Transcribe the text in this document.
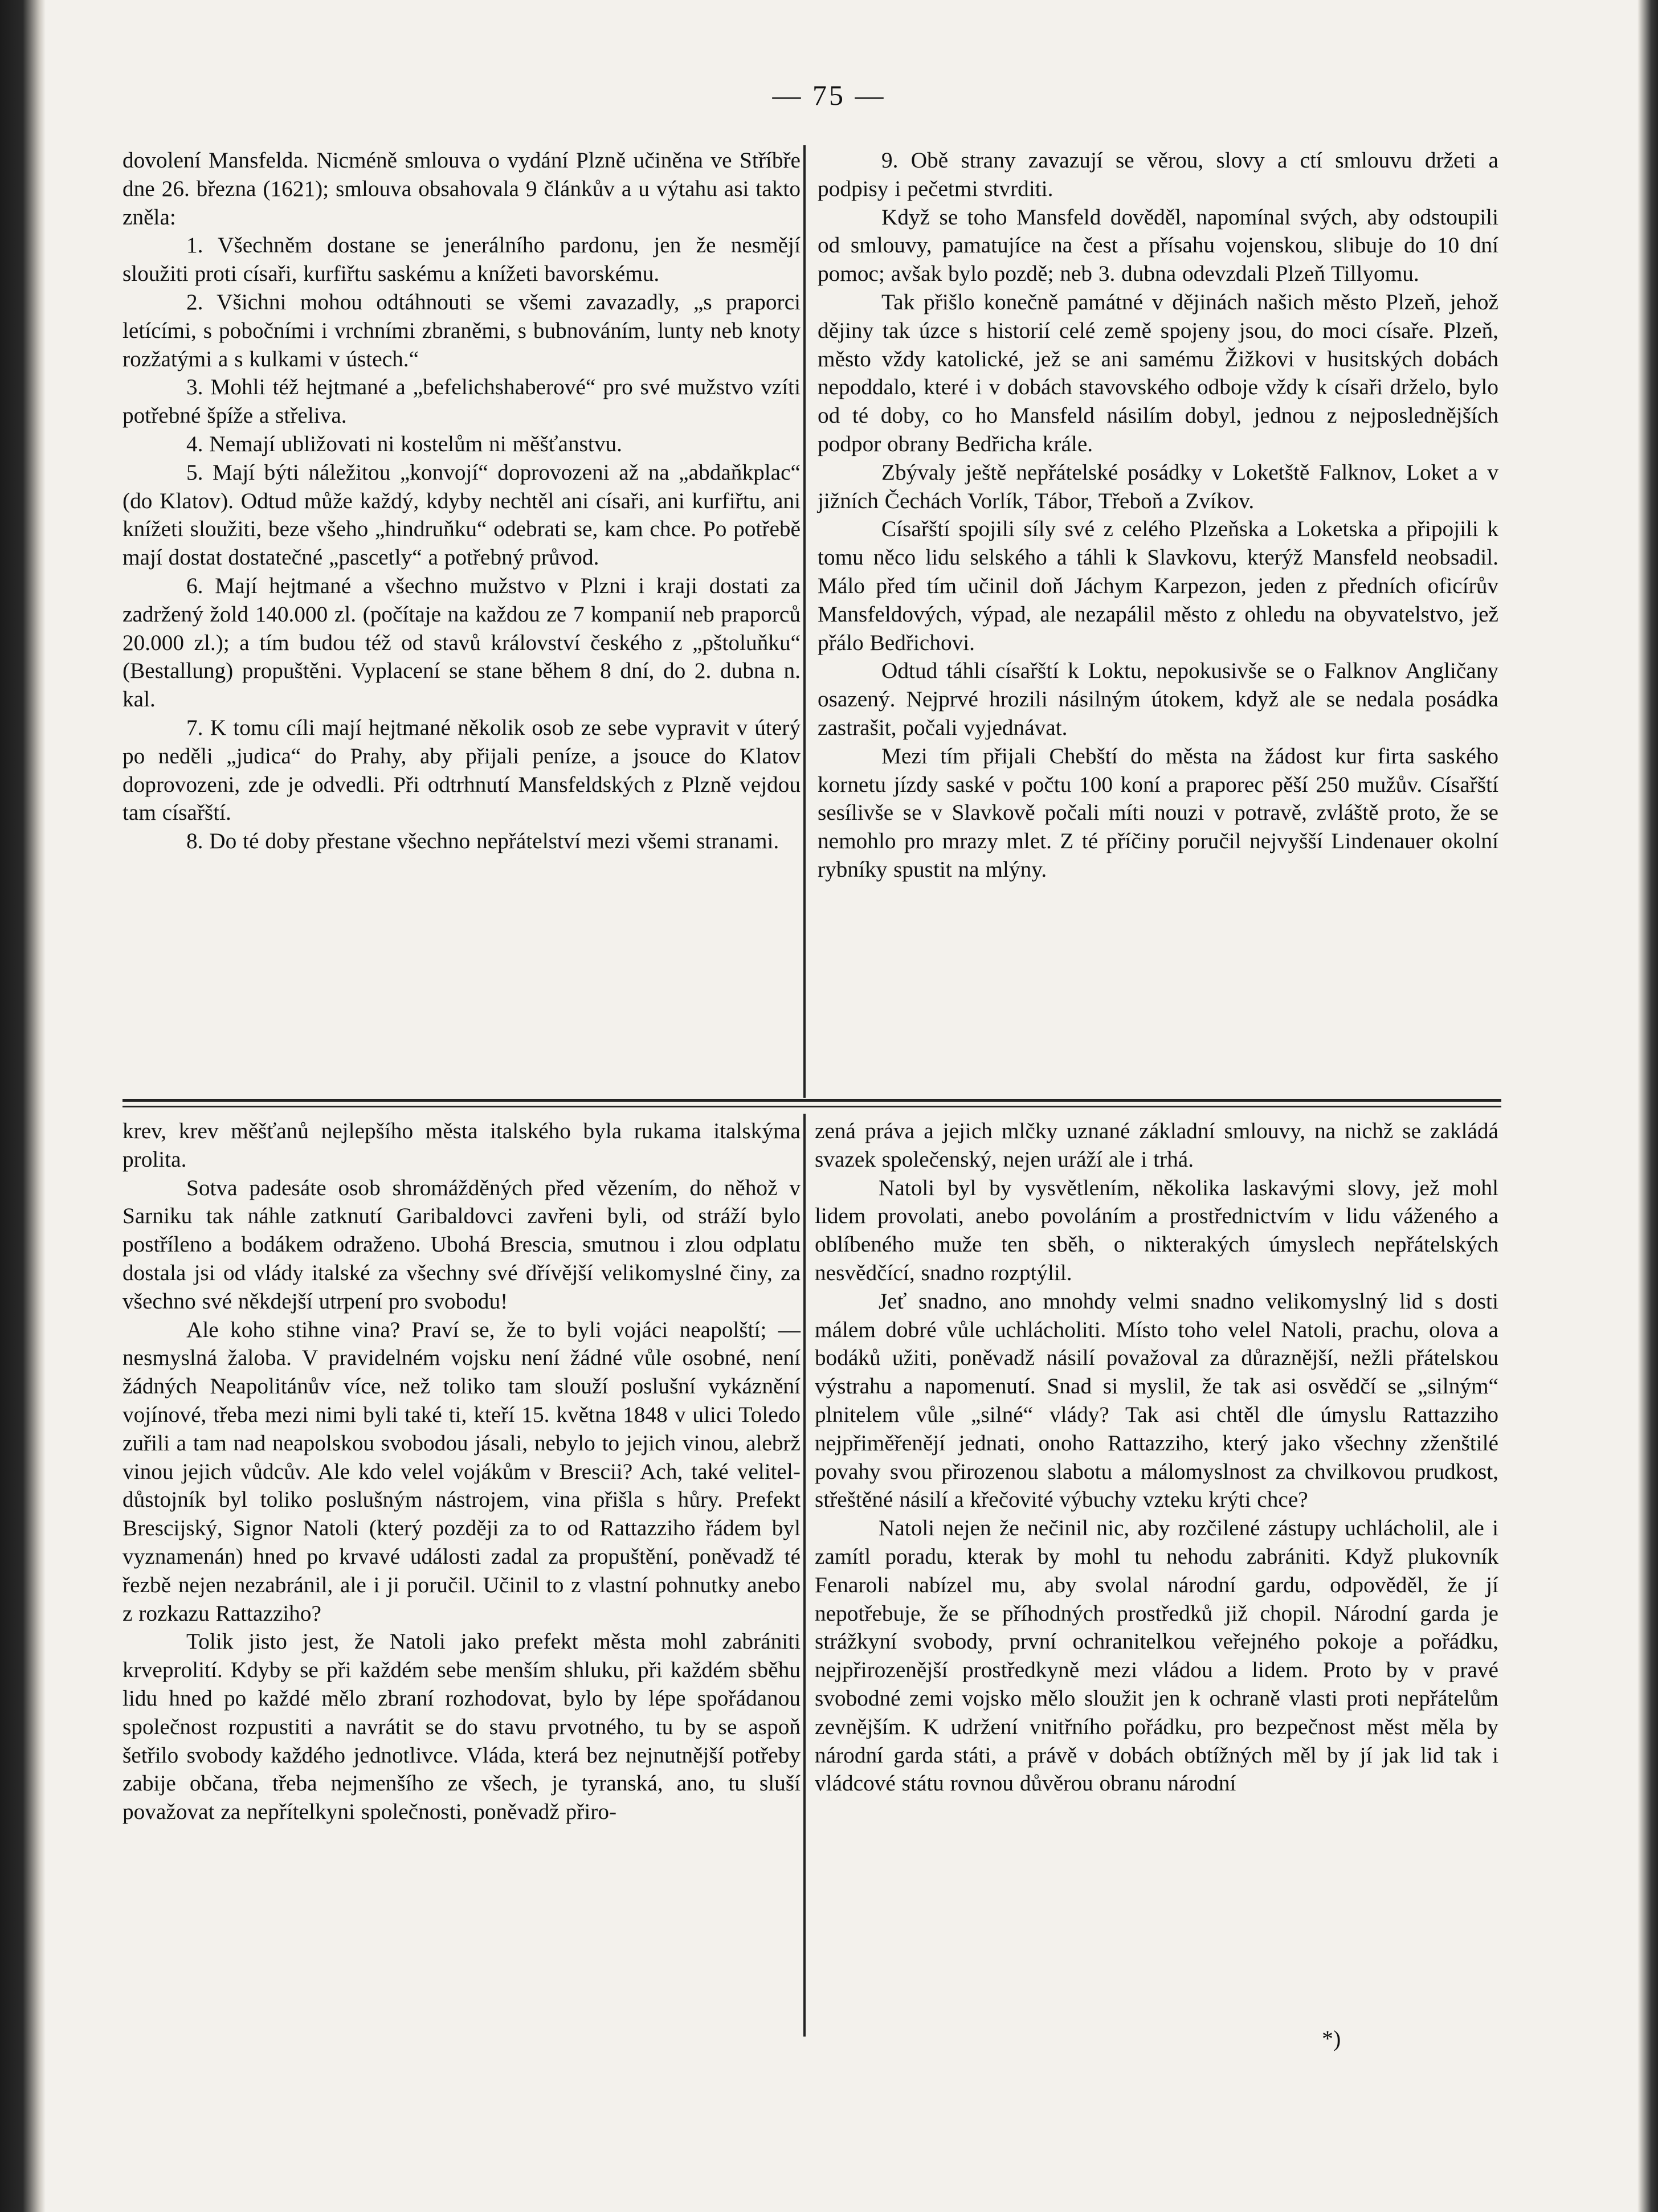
— 75 —

dovolení Mansfelda. Nicméně smlouva o vydání Plzně učiněna ve Stříbře dne 26. března (1621); smlouva obsahovala 9 článkův a u výtahu asi takto zněla:

1. Všechněm dostane se jenerálního pardonu, jen že nesmějí sloužiti proti císaři, kurfiřtu saskému a knížeti bavorskému.

2. Všichni mohou odtáhnouti se všemi zavazadly, „s praporci letícími, s pobočními i vrchními zbraněmi, s bubnováním, lunty neb knoty rozžatými a s kulkami v ústech.“

3. Mohli též hejtmané a „befelichshaberové“ pro své mužstvo vzíti potřebné špíže a střeliva.

4. Nemají ubližovati ni kostelům ni měšťanstvu.

5. Mají býti náležitou „konvojí“ doprovozeni až na „abdaňkplac“ (do Klatov). Odtud může každý, kdyby nechtěl ani císaři, ani kurfiřtu, ani knížeti sloužiti, beze všeho „hindruňku“ odebrati se, kam chce. Po potřebě mají dostat dostatečné „pascetly“ a potřebný průvod.

6. Mají hejtmané a všechno mužstvo v Plzni i kraji dostati za zadržený žold 140.000 zl. (počítaje na každou ze 7 kompanií neb praporců 20.000 zl.); a tím budou též od stavů království českého z „pštoluňku“ (Bestallung) propuštěni. Vyplacení se stane během 8 dní, do 2. dubna n. kal.

7. K tomu cíli mají hejtmané několik osob ze sebe vypravit v úterý po neděli „judica“ do Prahy, aby přijali peníze, a jsouce do Klatov doprovozeni, zde je odvedli. Při odtrhnutí Mansfeldských z Plzně vejdou tam císařští.

8. Do té doby přestane všechno nepřátelství mezi všemi stranami.

9. Obě strany zavazují se věrou, slovy a ctí smlouvu držeti a podpisy i pečetmi stvrditi.

Když se toho Mansfeld dověděl, napomínal svých, aby odstoupili od smlouvy, pamatujíce na čest a přísahu vojenskou, slibuje do 10 dní pomoc; avšak bylo pozdě; neb 3. dubna odevzdali Plzeň Tillyomu.

Tak přišlo konečně památné v dějinách našich město Plzeň, jehož dějiny tak úzce s historií celé země spojeny jsou, do moci císaře. Plzeň, město vždy katolické, jež se ani samému Žižkovi v husitských dobách nepoddalo, které i v dobách stavovského odboje vždy k císaři drželo, bylo od té doby, co ho Mansfeld násilím dobyl, jednou z nejposlednějších podpor obrany Bedřicha krále.

Zbývaly ještě nepřátelské posádky v Loketště Falknov, Loket a v jižních Čechách Vorlík, Tábor, Třeboň a Zvíkov.

Císařští spojili síly své z celého Plzeňska a Loketska a připojili k tomu něco lidu selského a táhli k Slavkovu, kterýž Mansfeld neobsadil. Málo před tím učinil doň Jáchym Karpezon, jeden z předních oficírův Mansfeldových, výpad, ale nezapálil město z ohledu na obyvatelstvo, jež přálo Bedřichovi.

Odtud táhli císařští k Loktu, nepokusivše se o Falknov Angličany osazený. Nejprvé hrozili násilným útokem, když ale se nedala posádka zastrašit, počali vyjednávat.

Mezi tím přijali Chebští do města na žádost kur firta saského kornetu jízdy saské v počtu 100 koní a praporec pěší 250 mužův. Císařští sesílivše se v Slavkově počali míti nouzi v potravě, zvláště proto, že se nemohlo pro mrazy mlet. Z té příčiny poručil nejvyšší Lindenauer okolní rybníky spustit na mlýny.

krev, krev měšťanů nejlepšího města italského byla rukama italskýma prolita.

Sotva padesáte osob shromážděných před vězením, do něhož v Sarniku tak náhle zatknutí Garibaldovci zavřeni byli, od stráží bylo postříleno a bodákem odraženo. Ubohá Brescia, smutnou i zlou odplatu dostala jsi od vlády italské za všechny své dřívější velikomyslné činy, za všechno své někdejší utrpení pro svobodu!

Ale koho stihne vina? Praví se, že to byli vojáci neapolští; — nesmyslná žaloba. V pravidelném vojsku není žádné vůle osobné, není žádných Neapolitánův více, než toliko tam slouží poslušní vykáznění vojínové, třeba mezi nimi byli také ti, kteří 15. května 1848 v ulici Toledo zuřili a tam nad neapolskou svobodou jásali, nebylo to jejich vinou, alebrž vinou jejich vůdcův. Ale kdo velel vojákům v Brescii? Ach, také velitel-důstojník byl toliko poslušným nástrojem, vina přišla s hůry. Prefekt Brescijský, Signor Natoli (který později za to od Rattazziho řádem byl vyznamenán) hned po krvavé události zadal za propuštění, poněvadž té řezbě nejen nezabránil, ale i ji poručil. Učinil to z vlastní pohnutky anebo z rozkazu Rattazziho?

Tolik jisto jest, že Natoli jako prefekt města mohl zabrániti krveprolití. Kdyby se při každém sebe menším shluku, při každém sběhu lidu hned po každé mělo zbraní rozhodovat, bylo by lépe spořádanou společnost rozpustiti a navrátit se do stavu prvotného, tu by se aspoň šetřilo svobody každého jednotlivce. Vláda, která bez nejnutnější potřeby zabije občana, třeba nejmenšího ze všech, je tyranská, ano, tu sluší považovat za nepřítelkyni společnosti, poněvadž přiro-

zená práva a jejich mlčky uznané základní smlouvy, na nichž se zakládá svazek společenský, nejen uráží ale i trhá.

Natoli byl by vysvětlením, několika laskavými slovy, jež mohl lidem provolati, anebo povoláním a prostřednictvím v lidu váženého a oblíbeného muže ten sběh, o nikterakých úmyslech nepřátelských nesvědčící, snadno rozptýlil.

Jeť snadno, ano mnohdy velmi snadno velikomyslný lid s dosti málem dobré vůle uchlácholiti. Místo toho velel Natoli, prachu, olova a bodáků užiti, poněvadž násilí považoval za důraznější, nežli přátelskou výstrahu a napomenutí. Snad si myslil, že tak asi osvědčí se „silným“ plnitelem vůle „silné“ vlády? Tak asi chtěl dle úmyslu Rattazziho nejpřiměřenějí jednati, onoho Rattazziho, který jako všechny zženštilé povahy svou přirozenou slabotu a málomyslnost za chvilkovou prudkost, střeštěné násilí a křečovité výbuchy vzteku krýti chce?

Natoli nejen že nečinil nic, aby rozčilené zástupy uchlácholil, ale i zamítl poradu, kterak by mohl tu nehodu zabrániti. Když plukovník Fenaroli nabízel mu, aby svolal národní gardu, odpověděl, že jí nepotřebuje, že se příhodných prostředků již chopil. Národní garda je strážkyní svobody, první ochranitelkou veřejného pokoje a pořádku, nejpřirozenější prostředkyně mezi vládou a lidem. Proto by v pravé svobodné zemi vojsko mělo sloužit jen k ochraně vlasti proti nepřátelům zevnějším. K udržení vnitřního pořádku, pro bezpečnost měst měla by národní garda státi, a právě v dobách obtížných měl by jí jak lid tak i vládcové státu rovnou důvěrou obranu národní

*)
